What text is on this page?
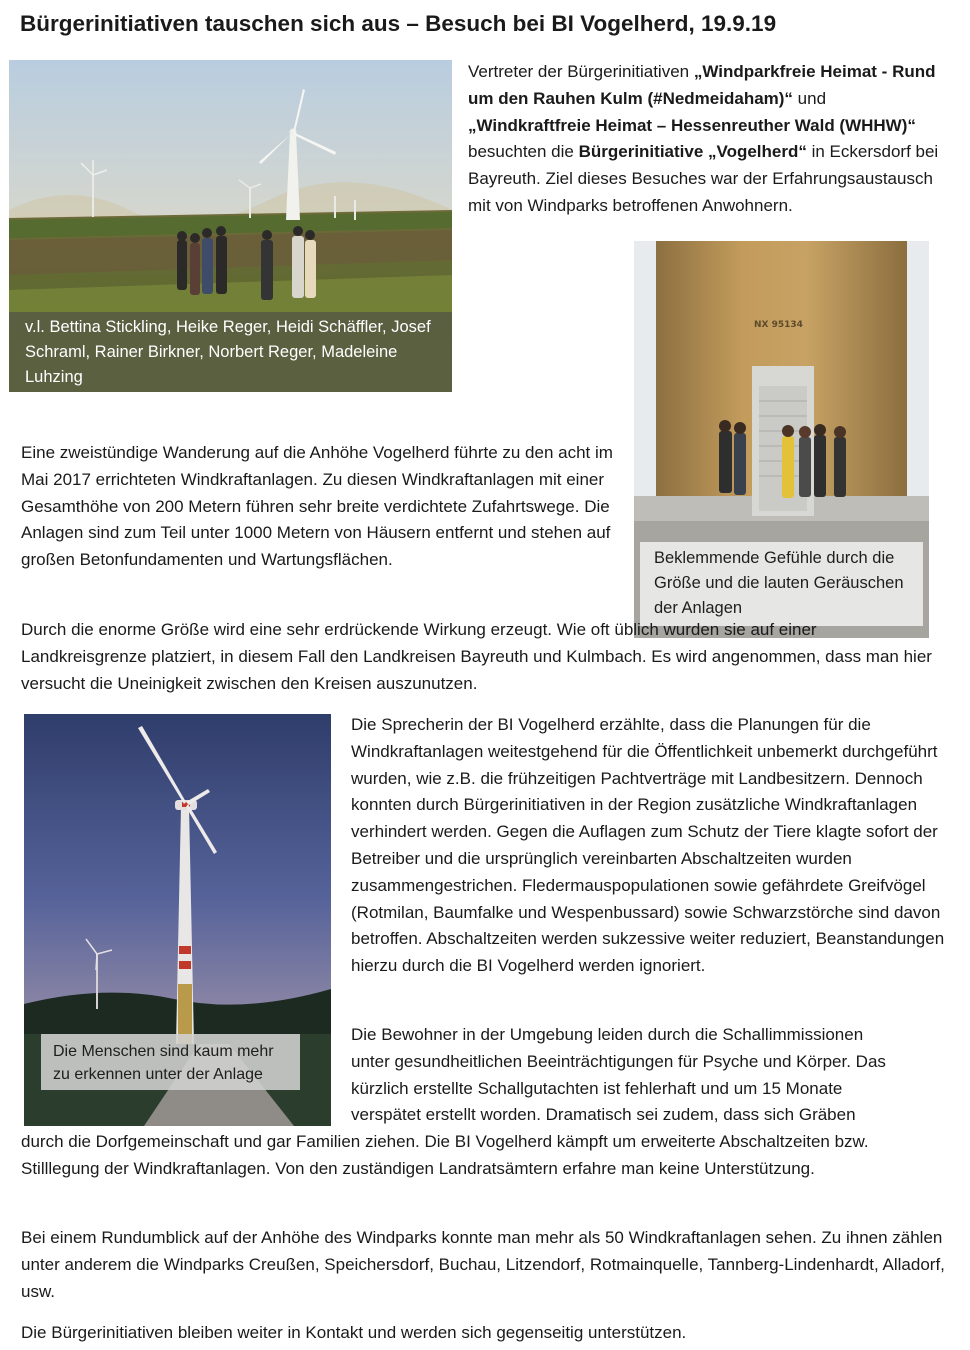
Bürgerinitiativen tauschen sich aus – Besuch bei BI Vogelherd, 19.9.19
v.l. Bettina Stickling, Heike Reger, Heidi Schäffler, Josef Schraml, Rainer Birkner, Norbert Reger, Madeleine Luhzing

Vertreter der Bürgerinitiativen „Windparkfreie Heimat - Rund um den Rauhen Kulm (#Nedmeidaham)“ und „Windkraftfreie Heimat – Hessenreuther Wald (WHHW)“ besuchten die Bürgerinitiative „Vogelherd“ in Eckersdorf bei Bayreuth. Ziel dieses Besuches war der Erfahrungsaustausch mit von Windparks betroffenen Anwohnern.

NX 95134
Beklemmende Gefühle durch die Größe und die lauten Geräuschen der Anlagen
Eine zweistündige Wanderung auf die Anhöhe Vogelherd führte zu den acht im Mai 2017 errichteten Windkraftanlagen. Zu diesen Windkraftanlagen mit einer Gesamthöhe von 200 Metern führen sehr breite verdichtete Zufahrtswege. Die Anlagen sind zum Teil unter 1000 Metern von Häusern entfernt und stehen auf großen Betonfundamenten und Wartungsflächen.
Durch die enorme Größe wird eine sehr erdrückende Wirkung erzeugt. Wie oft üblich wurden sie auf einer Landkreisgrenze platziert, in diesem Fall den Landkreisen Bayreuth und Kulmbach. Es wird angenommen, dass man hier versucht die Uneinigkeit zwischen den Kreisen auszunutzen.
Die Menschen sind kaum mehr zu erkennen unter der Anlage
Die Sprecherin der BI Vogelherd erzählte, dass die Planungen für die Windkraftanlagen weitestgehend für die Öffentlichkeit unbemerkt durchgeführt wurden, wie z.B. die frühzeitigen Pachtverträge mit Landbesitzern. Dennoch konnten durch Bürgerinitiativen in der Region zusätzliche Windkraftanlagen verhindert werden. Gegen die Auflagen zum Schutz der Tiere klagte sofort der Betreiber und die ursprünglich vereinbarten Abschaltzeiten wurden zusammengestrichen. Fledermauspopulationen sowie gefährdete Greifvögel (Rotmilan, Baumfalke und Wespenbussard) sowie Schwarzstörche sind davon betroffen. Abschaltzeiten werden sukzessive weiter reduziert, Beanstandungen hierzu durch die BI Vogelherd werden ignoriert.
Die Bewohner in der Umgebung leiden durch die Schallimmissionen
unter gesundheitlichen Beeinträchtigungen für Psyche und Körper. Das
kürzlich erstellte Schallgutachten ist fehlerhaft und um 15 Monate
verspätet erstellt worden. Dramatisch sei zudem, dass sich Gräben
durch die Dorfgemeinschaft und gar Familien ziehen. Die BI Vogelherd kämpft um erweiterte Abschaltzeiten bzw. Stilllegung der Windkraftanlagen. Von den zuständigen Landratsämtern erfahre man keine Unterstützung.
Bei einem Rundumblick auf der Anhöhe des Windparks konnte man mehr als 50 Windkraftanlagen sehen. Zu ihnen zählen unter anderem die Windparks Creußen, Speichersdorf, Buchau, Litzendorf, Rotmainquelle, Tannberg-Lindenhardt, Alladorf, usw.
Die Bürgerinitiativen bleiben weiter in Kontakt und werden sich gegenseitig unterstützen.
